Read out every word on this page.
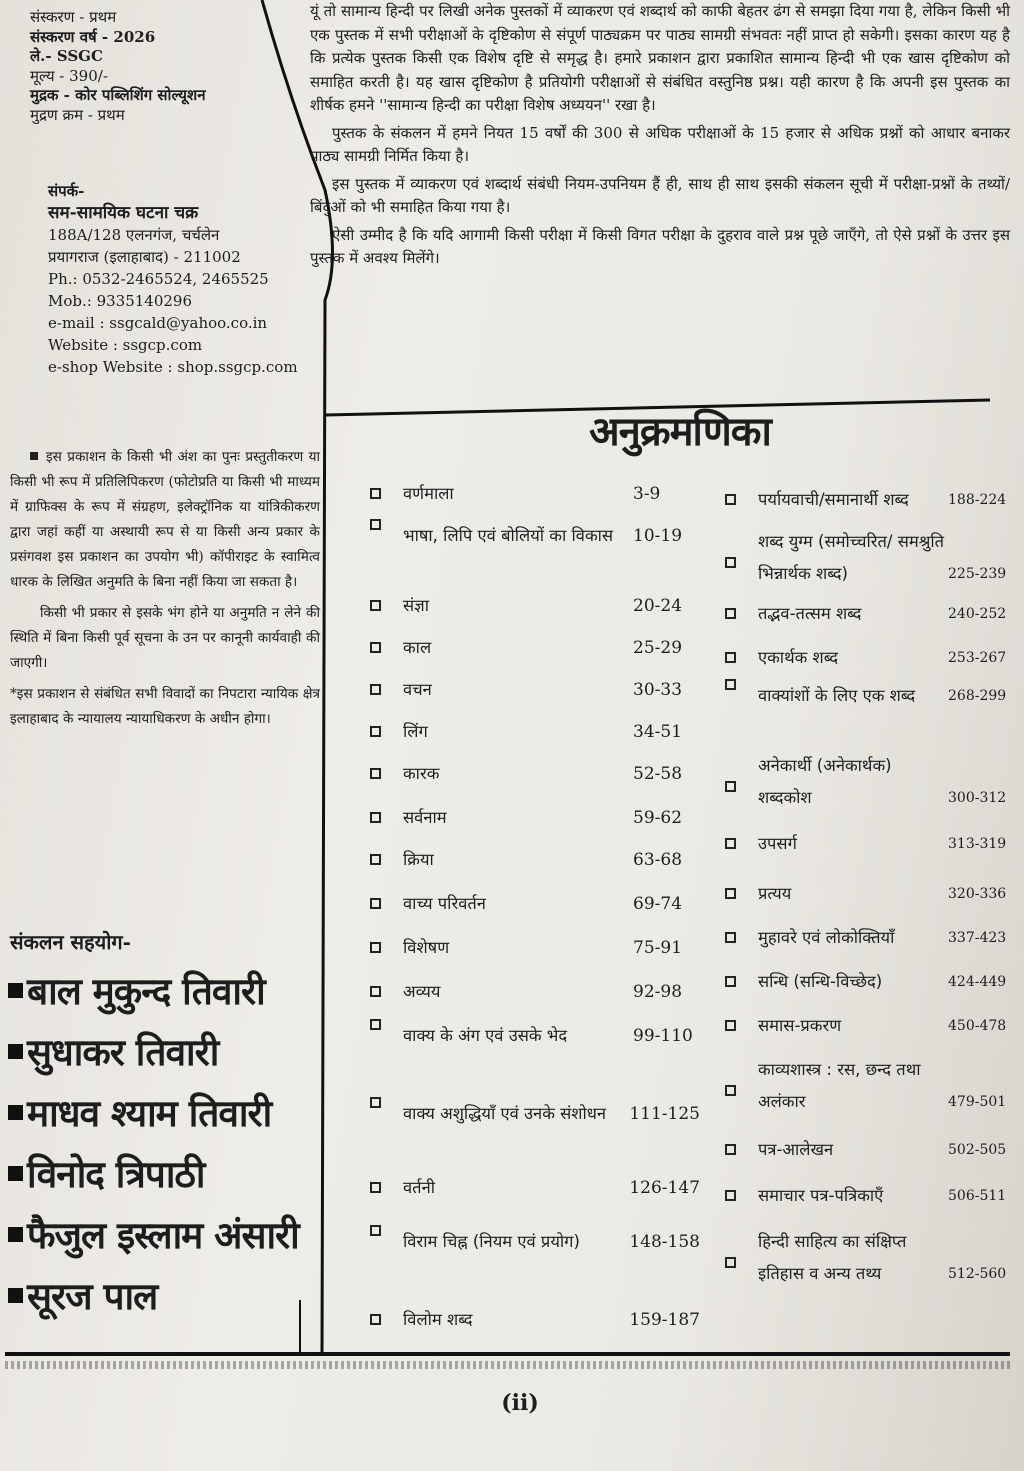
संस्करण - प्रथम
संस्करण वर्ष - 2026
ले.- SSGC
मूल्य - 390/-
मुद्रक - कोर पब्लिशिंग सोल्यूशन
मुद्रण क्रम - प्रथम
संपर्क-
सम-सामयिक घटना चक्र
188A/128 एलनगंज, चर्चलेन
प्रयागराज (इलाहाबाद) - 211002
Ph.: 0532-2465524, 2465525
Mob.: 9335140296
e-mail : ssgcald@yahoo.co.in
Website : ssgcp.com
e-shop Website : shop.ssgcp.com

इस प्रकाशन के किसी भी अंश का पुनः प्रस्तुतीकरण या किसी भी रूप में प्रतिलिपिकरण (फोटोप्रति या किसी भी माध्यम में ग्राफिक्स के रूप में संग्रहण, इलेक्ट्रॉनिक या यांत्रिकीकरण द्वारा जहां कहीं या अस्थायी रूप से या किसी अन्य प्रकार के प्रसंगवश इस प्रकाशन का उपयोग भी) कॉपीराइट के स्वामित्व धारक के लिखित अनुमति के बिना नहीं किया जा सकता है।

किसी भी प्रकार से इसके भंग होने या अनुमति न लेने की स्थिति में बिना किसी पूर्व सूचना के उन पर कानूनी कार्यवाही की जाएगी।

*इस प्रकाशन से संबंधित सभी विवादों का निपटारा न्यायिक क्षेत्र इलाहाबाद के न्यायालय न्यायाधिकरण के अधीन होगा।

संकलन सहयोग-
बाल मुकुन्द तिवारी
सुधाकर तिवारी
माधव श्याम तिवारी
विनोद त्रिपाठी
फैजुल इस्लाम अंसारी
सूरज पाल

यूं तो सामान्य हिन्दी पर लिखी अनेक पुस्तकों में व्याकरण एवं शब्दार्थ को काफी बेहतर ढंग से समझा दिया गया है, लेकिन किसी भी एक पुस्तक में सभी परीक्षाओं के दृष्टिकोण से संपूर्ण पाठ्यक्रम पर पाठ्य सामग्री संभवतः नहीं प्राप्त हो सकेगी। इसका कारण यह है कि प्रत्येक पुस्तक किसी एक विशेष दृष्टि से समृद्ध है। हमारे प्रकाशन द्वारा प्रकाशित सामान्य हिन्दी भी एक खास दृष्टिकोण को समाहित करती है। यह खास दृष्टिकोण है प्रतियोगी परीक्षाओं से संबंधित वस्तुनिष्ठ प्रश्न। यही कारण है कि अपनी इस पुस्तक का शीर्षक हमने ''सामान्य हिन्दी का परीक्षा विशेष अध्ययन'' रखा है।

पुस्तक के संकलन में हमने नियत 15 वर्षों की 300 से अधिक परीक्षाओं के 15 हजार से अधिक प्रश्नों को आधार बनाकर पाठ्य सामग्री निर्मित किया है।

इस पुस्तक में व्याकरण एवं शब्दार्थ संबंधी नियम-उपनियम हैं ही, साथ ही साथ इसकी संकलन सूची में परीक्षा-प्रश्नों के तथ्यों/बिंदुओं को भी समाहित किया गया है।

ऐसी उम्मीद है कि यदि आगामी किसी परीक्षा में किसी विगत परीक्षा के दुहराव वाले प्रश्न पूछे जाएँगे, तो ऐसे प्रश्नों के उत्तर इस पुस्तक में अवश्य मिलेंगे।

अनुक्रमणिका
वर्णमाला	3-9
भाषा, लिपि एवं बोलियों का विकास	10-19
संज्ञा	20-24
काल	25-29
वचन	30-33
लिंग	34-51
कारक	52-58
सर्वनाम	59-62
क्रिया	63-68
वाच्य परिवर्तन	69-74
विशेषण	75-91
अव्यय	92-98
वाक्य के अंग एवं उसके भेद	99-110
वाक्य अशुद्धियाँ एवं उनके संशोधन	111-125
वर्तनी	126-147
विराम चिह्न (नियम एवं प्रयोग)	148-158
विलोम शब्द	159-187
पर्यायवाची/समानार्थी शब्द	188-224
शब्द युग्म (समोच्चरित/ समश्रुति भिन्नार्थक शब्द)	225-239
तद्भव-तत्सम शब्द	240-252
एकार्थक शब्द	253-267
वाक्यांशों के लिए एक शब्द	268-299
अनेकार्थी (अनेकार्थक) शब्दकोश	300-312
उपसर्ग	313-319
प्रत्यय	320-336
मुहावरे एवं लोकोक्तियाँ	337-423
सन्धि (सन्धि-विच्छेद)	424-449
समास-प्रकरण	450-478
काव्यशास्त्र : रस, छन्द तथा अलंकार	479-501
पत्र-आलेखन	502-505
समाचार पत्र-पत्रिकाएँ	506-511
हिन्दी साहित्य का संक्षिप्त इतिहास व अन्य तथ्य	512-560
(ii)
